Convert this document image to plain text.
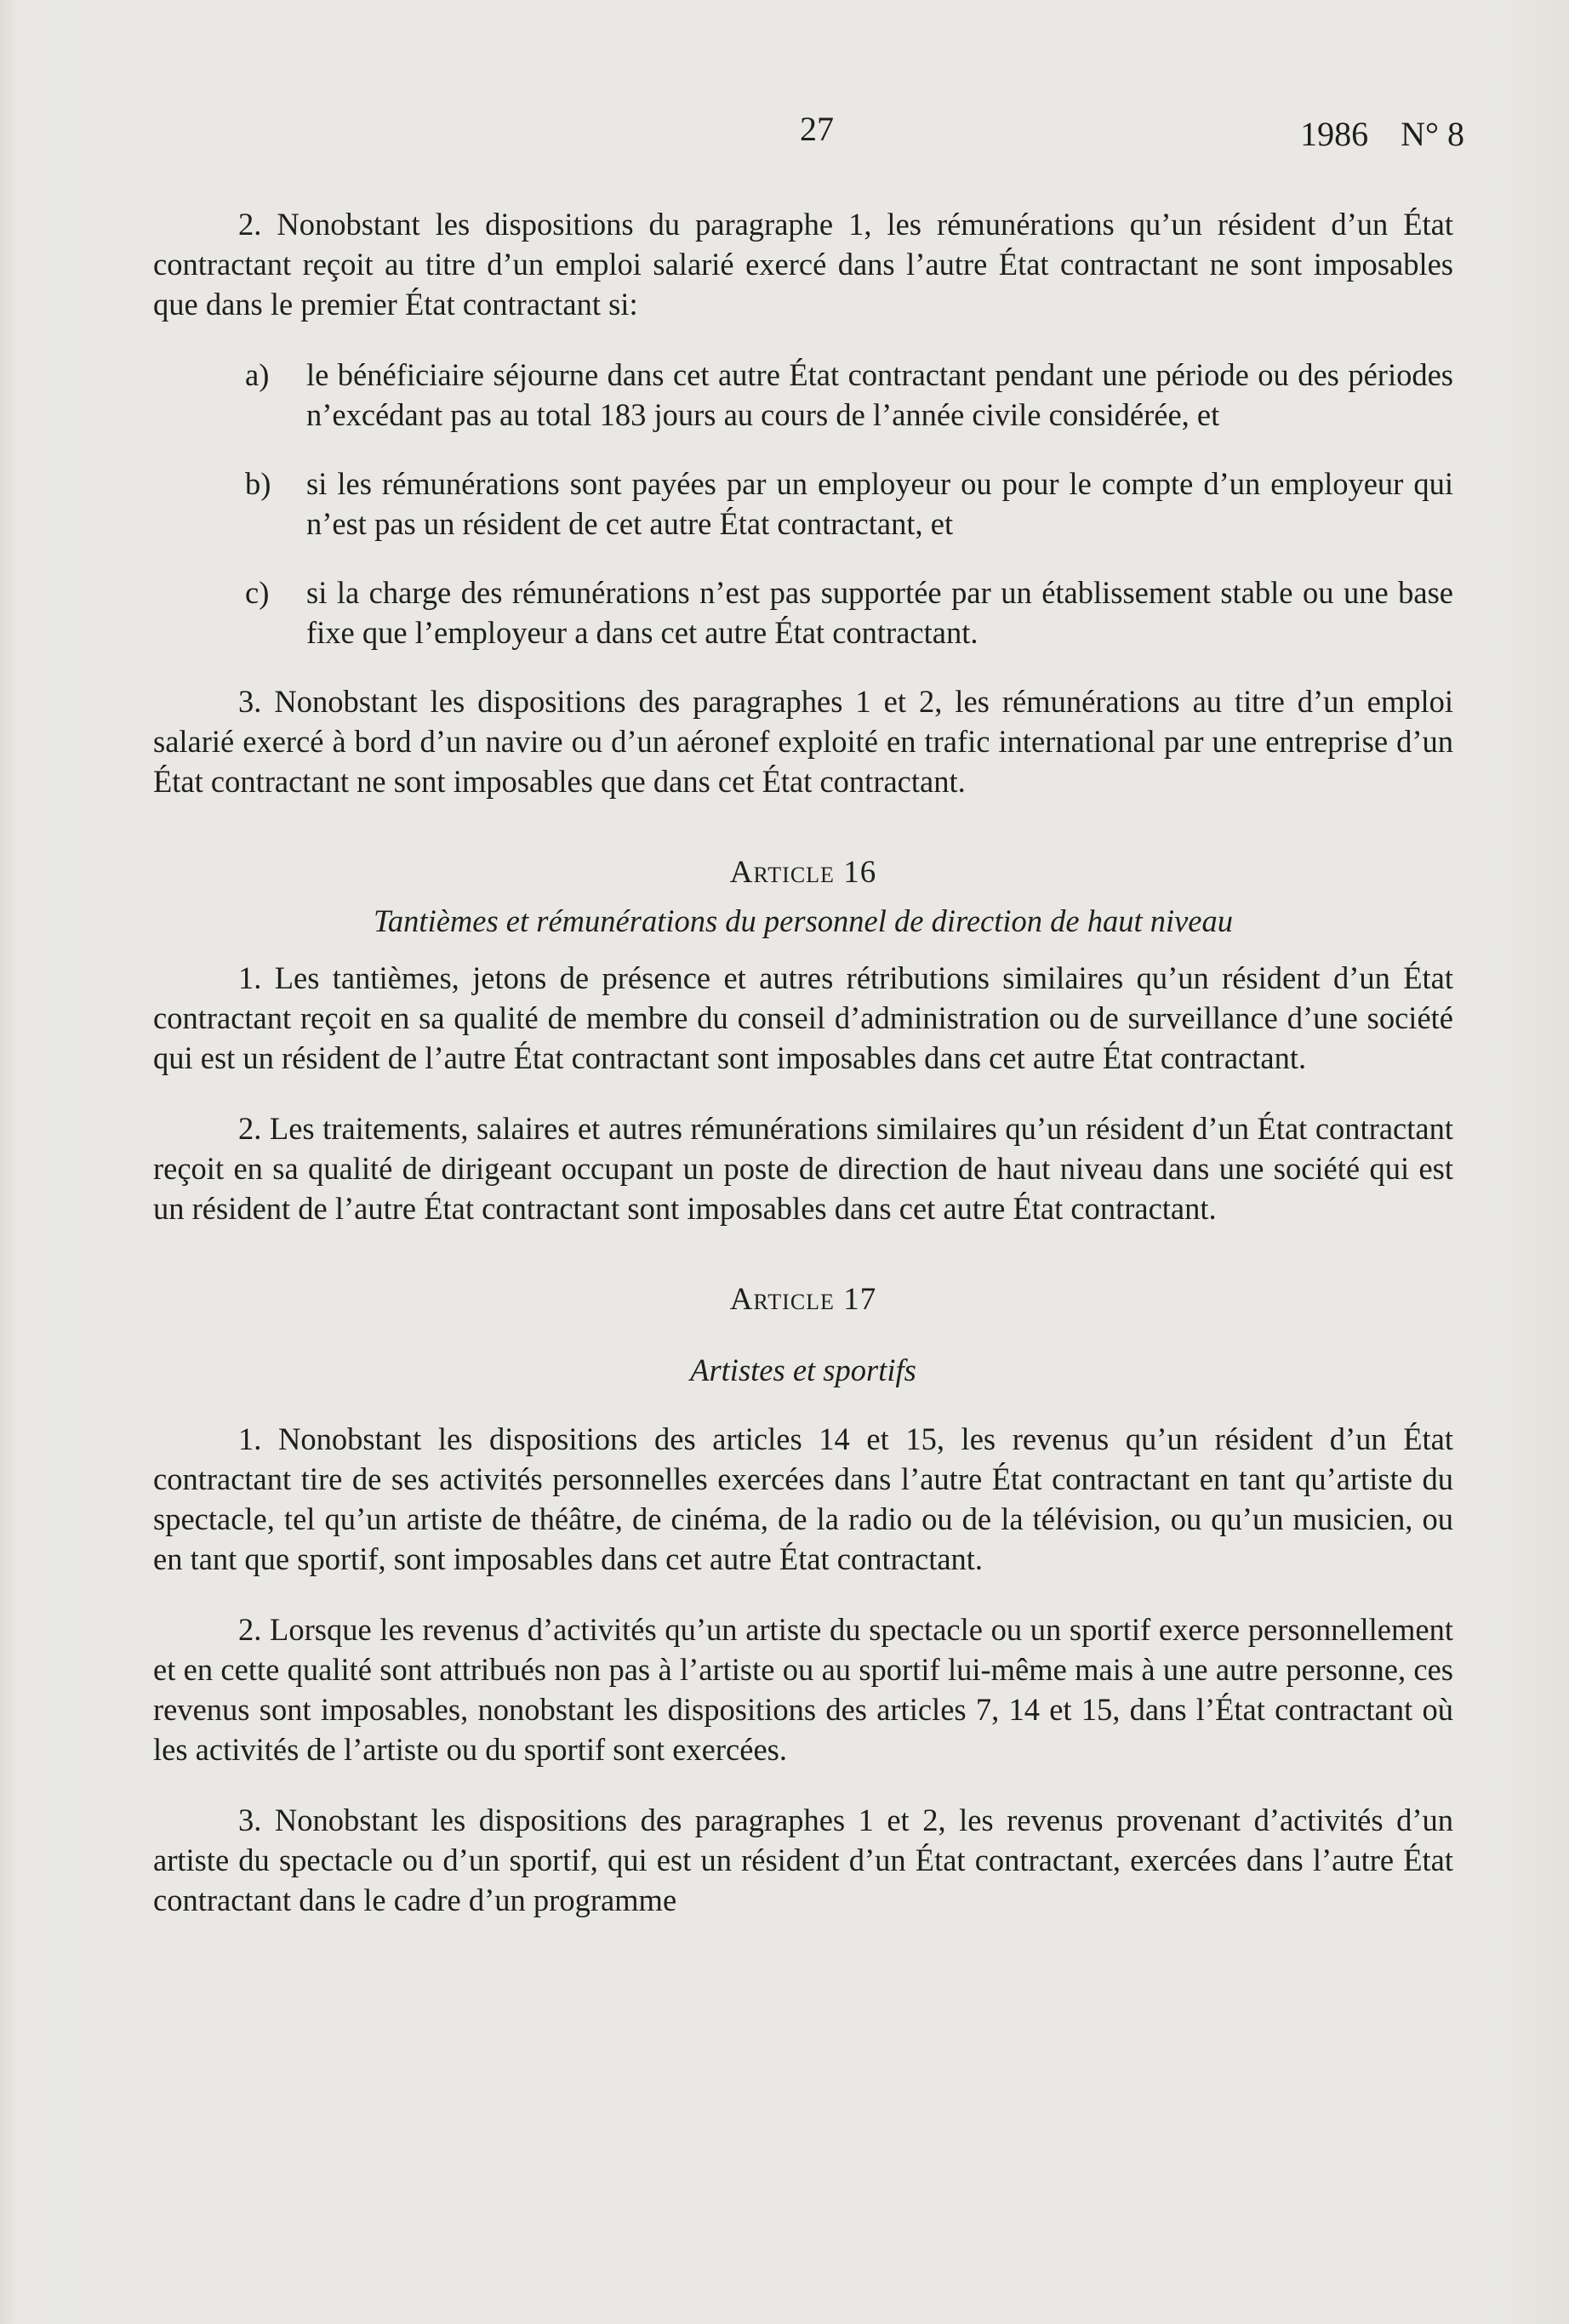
27	1986 N° 8

2. Nonobstant les dispositions du paragraphe 1, les rémunérations qu’un résident d’un État contractant reçoit au titre d’un emploi salarié exercé dans l’autre État contractant ne sont imposables que dans le premier État contractant si:

a)	le bénéficiaire séjourne dans cet autre État contractant pendant une période ou des périodes n’excédant pas au total 183 jours au cours de l’année civile considérée, et
b)	si les rémunérations sont payées par un employeur ou pour le compte d’un employeur qui n’est pas un résident de cet autre État contractant, et
c)	si la charge des rémunérations n’est pas supportée par un établissement stable ou une base fixe que l’employeur a dans cet autre État contractant.

3. Nonobstant les dispositions des paragraphes 1 et 2, les rémunérations au titre d’un emploi salarié exercé à bord d’un navire ou d’un aéronef exploité en trafic international par une entreprise d’un État contractant ne sont imposables que dans cet État contractant.

Article 16
Tantièmes et rémunérations du personnel de direction de haut niveau

1. Les tantièmes, jetons de présence et autres rétributions similaires qu’un résident d’un État contractant reçoit en sa qualité de membre du conseil d’administration ou de surveillance d’une société qui est un résident de l’autre État contractant sont imposables dans cet autre État contractant.

2. Les traitements, salaires et autres rémunérations similaires qu’un résident d’un État contractant reçoit en sa qualité de dirigeant occupant un poste de direction de haut niveau dans une société qui est un résident de l’autre État contractant sont imposables dans cet autre État contractant.

Article 17
Artistes et sportifs

1. Nonobstant les dispositions des articles 14 et 15, les revenus qu’un résident d’un État contractant tire de ses activités personnelles exercées dans l’autre État contractant en tant qu’artiste du spectacle, tel qu’un artiste de théâtre, de cinéma, de la radio ou de la télévision, ou qu’un musicien, ou en tant que sportif, sont imposables dans cet autre État contractant.

2. Lorsque les revenus d’activités qu’un artiste du spectacle ou un sportif exerce personnellement et en cette qualité sont attribués non pas à l’artiste ou au sportif lui-même mais à une autre personne, ces revenus sont imposables, nonobstant les dispositions des articles 7, 14 et 15, dans l’État contractant où les activités de l’artiste ou du sportif sont exercées.

3. Nonobstant les dispositions des paragraphes 1 et 2, les revenus provenant d’activités d’un artiste du spectacle ou d’un sportif, qui est un résident d’un État contractant, exercées dans l’autre État contractant dans le cadre d’un programme
